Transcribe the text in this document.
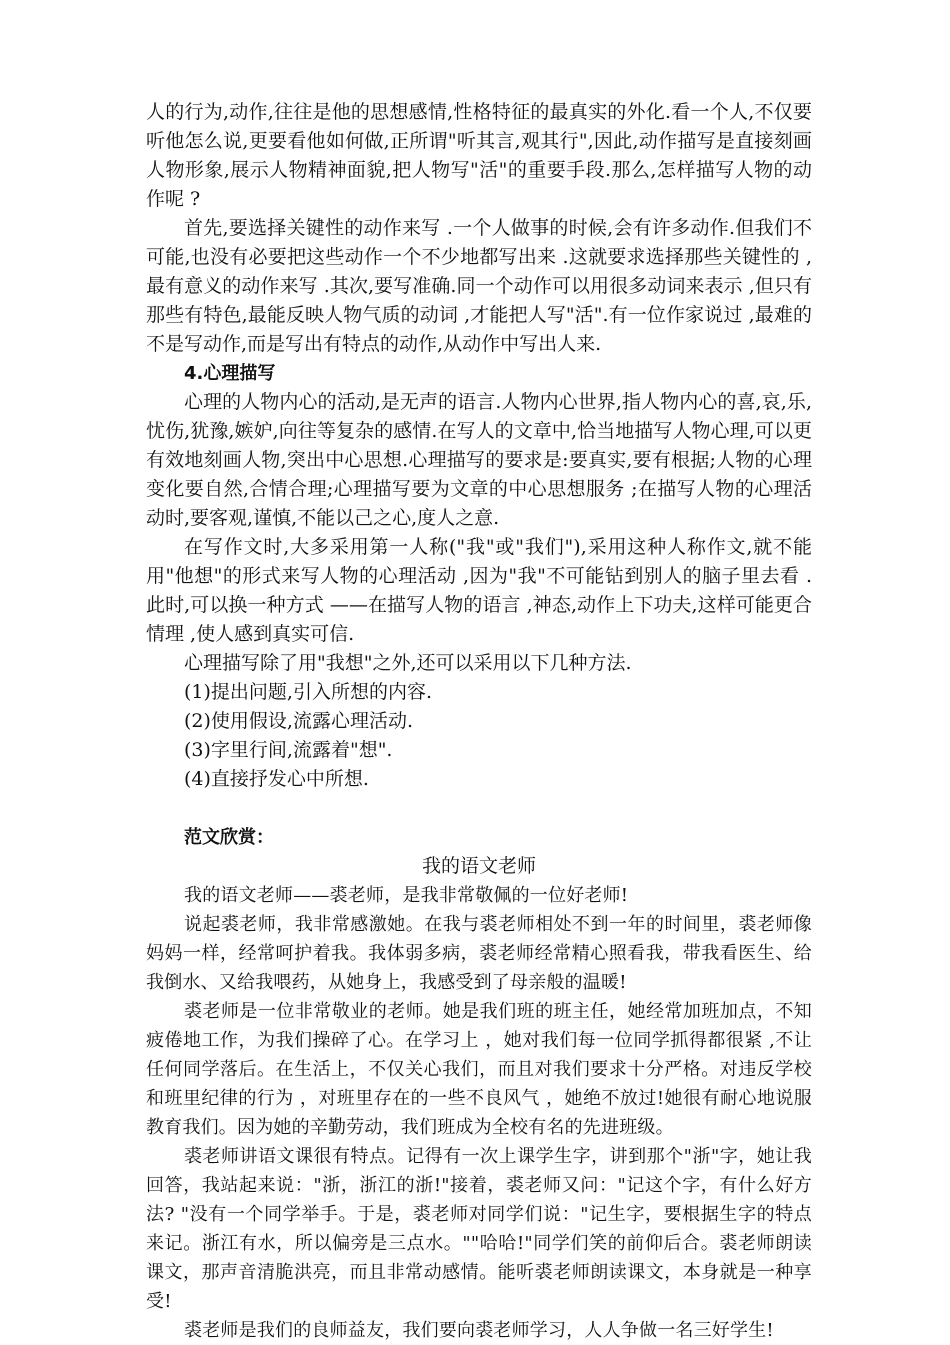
人的行为,动作,往往是他的思想感情,性格特征的最真实的外化.看一个人,不仅要听他怎么说,更要看他如何做,正所谓"听其言,观其行",因此,动作描写是直接刻画人物形象,展示人物精神面貌,把人物写"活"的重要手段.那么,怎样描写人物的动作呢 ?

首先,要选择关键性的动作来写 .一个人做事的时候,会有许多动作.但我们不可能,也没有必要把这些动作一个不少地都写出来 .这就要求选择那些关键性的 ,最有意义的动作来写 .其次,要写准确.同一个动作可以用很多动词来表示 ,但只有那些有特色,最能反映人物气质的动词 ,才能把人写"活".有一位作家说过 ,最难的不是写动作,而是写出有特点的动作,从动作中写出人来.

4.心理描写

心理的人物内心的活动,是无声的语言.人物内心世界,指人物内心的喜,哀,乐,忧伤,犹豫,嫉妒,向往等复杂的感情.在写人的文章中,恰当地描写人物心理,可以更有效地刻画人物,突出中心思想.心理描写的要求是:要真实,要有根据;人物的心理变化要自然,合情合理;心理描写要为文章的中心思想服务 ;在描写人物的心理活动时,要客观,谨慎,不能以己之心,度人之意.

在写作文时,大多采用第一人称("我"或"我们"),采用这种人称作文,就不能用"他想"的形式来写人物的心理活动 ,因为"我"不可能钻到别人的脑子里去看 .此时,可以换一种方式 ——在描写人物的语言 ,神态,动作上下功夫,这样可能更合情理 ,使人感到真实可信.

心理描写除了用"我想"之外,还可以采用以下几种方法.

(1)提出问题,引入所想的内容.

(2)使用假设,流露心理活动.

(3)字里行间,流露着"想".

(4)直接抒发心中所想.

范文欣赏：

我的语文老师

我的语文老师——裘老师，是我非常敬佩的一位好老师!

说起裘老师，我非常感激她。在我与裘老师相处不到一年的时间里，裘老师像妈妈一样，经常呵护着我。我体弱多病，裘老师经常精心照看我，带我看医生、给我倒水、又给我喂药，从她身上，我感受到了母亲般的温暖!

裘老师是一位非常敬业的老师。她是我们班的班主任，她经常加班加点，不知疲倦地工作，为我们操碎了心。在学习上 ，她对我们每一位同学抓得都很紧 ,不让任何同学落后。在生活上，不仅关心我们，而且对我们要求十分严格。对违反学校和班里纪律的行为 ，对班里存在的一些不良风气 ，她绝不放过!她很有耐心地说服教育我们。因为她的辛勤劳动，我们班成为全校有名的先进班级。

裘老师讲语文课很有特点。记得有一次上课学生字，讲到那个"浙"字，她让我回答，我站起来说："浙，浙江的浙!"接着，裘老师又问："记这个字，有什么好方法? "没有一个同学举手。于是，裘老师对同学们说："记生字，要根据生字的特点来记。浙江有水，所以偏旁是三点水。""哈哈!"同学们笑的前仰后合。裘老师朗读课文，那声音清脆洪亮，而且非常动感情。能听裘老师朗读课文，本身就是一种享受!

裘老师是我们的良师益友，我们要向裘老师学习，人人争做一名三好学生!
